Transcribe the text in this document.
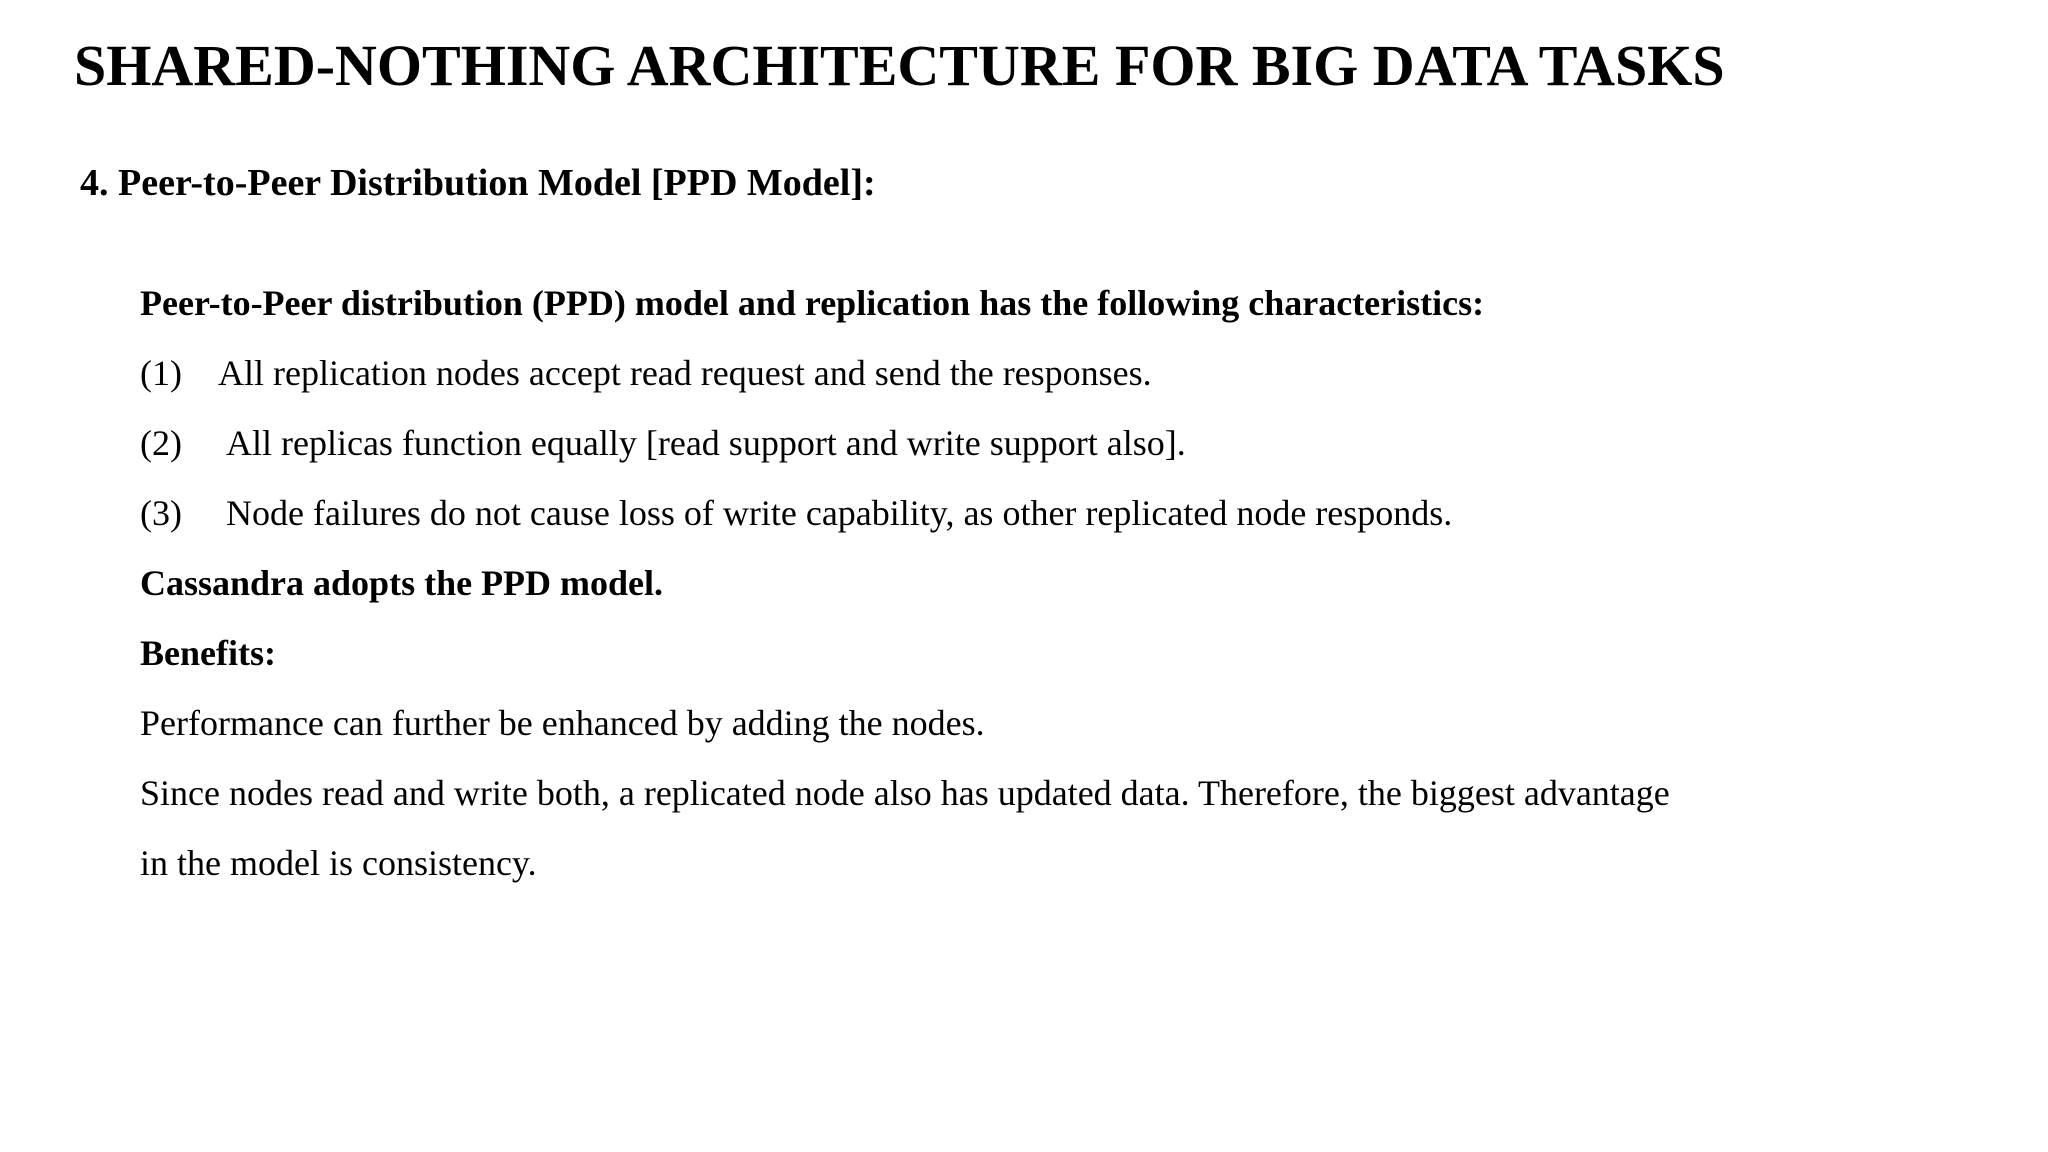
SHARED-NOTHING ARCHITECTURE FOR BIG DATA TASKS
4. Peer-to-Peer Distribution Model [PPD Model]:

Peer-to-Peer distribution (PPD) model and replication has the following characteristics:

(1) All replication nodes accept read request and send the responses.

(2) All replicas function equally [read support and write support also].

(3) Node failures do not cause loss of write capability, as other replicated node responds.

Cassandra adopts the PPD model.

Benefits:

Performance can further be enhanced by adding the nodes.

Since nodes read and write both, a replicated node also has updated data. Therefore, the biggest advantage

in the model is consistency.
